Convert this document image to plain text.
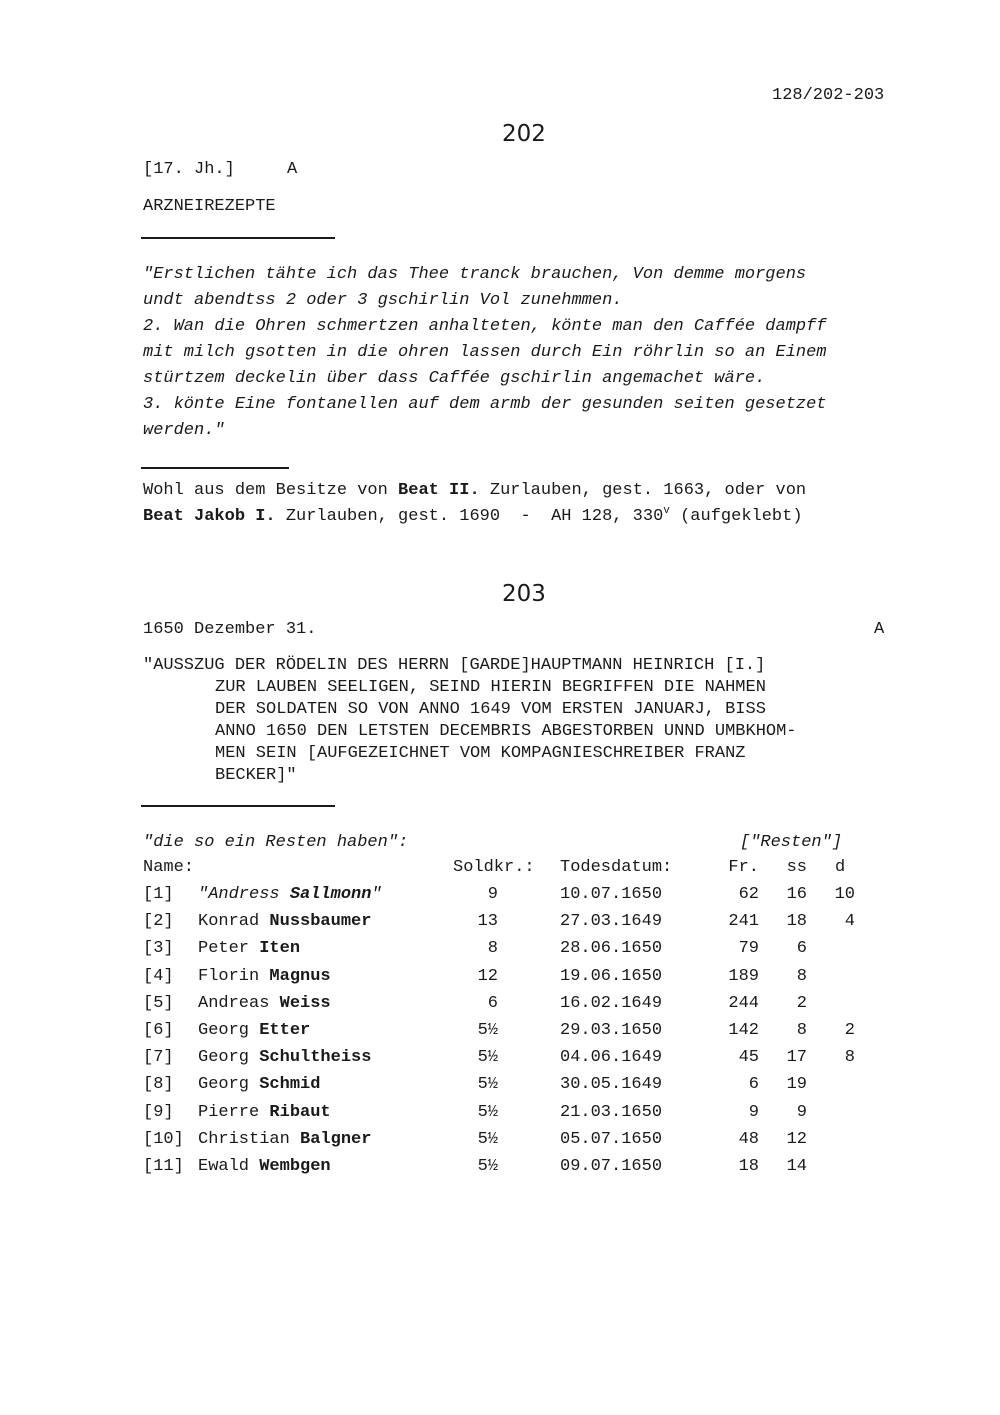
128/202-203
202
[17. Jh.]	A
ARZNEIREZEPTE
"Erstlichen tähte ich das Thee tranck brauchen, Von demme morgens
undt abendtss 2 oder 3 gschirlin Vol zunehmmen.
2. Wan die Ohren schmertzen anhalteten, könte man den Caffée dampff
mit milch gsotten in die ohren lassen durch Ein röhrlin so an Einem
stürtzem deckelin über dass Caffée gschirlin angemachet wäre.
3. könte Eine fontanellen auf dem armb der gesunden seiten gesetzet
werden."
Wohl aus dem Besitze von Beat II. Zurlauben, gest. 1663, oder von
Beat Jakob I. Zurlauben, gest. 1690  -  AH 128, 330$^v$ (aufgeklebt)
203
1650 Dezember 31.	A
"AUSSZUG DER RÖDELIN DES HERRN [GARDE]HAUPTMANN HEINRICH [I.]
ZUR LAUBEN SEELIGEN, SEIND HIERIN BEGRIFFEN DIE NAHMEN
DER SOLDATEN SO VON ANNO 1649 VOM ERSTEN JANUARJ, BISS
ANNO 1650 DEN LETSTEN DECEMBRIS ABGESTORBEN UNND UMBKHOM-
MEN SEIN [AUFGEZEICHNET VOM KOMPAGNIESCHREIBER FRANZ
BECKER]"
"die so ein Resten haben":	["Resten"]
Name:	Soldkr.: Todesdatum:	Fr.	ss d
[1] "Andress Sallmonn"	9	10.07.1650	62	16	10
[2] Konrad Nussbaumer	13	27.03.1649	241	18	4
[3] Peter Iten	8	28.06.1650	79	6
[4] Florin Magnus	12	19.06.1650	189	8
[5] Andreas Weiss	6	16.02.1649	244	2
[6] Georg Etter	5½	29.03.1650	142	8	2
[7] Georg Schultheiss	5½	04.06.1649	45	17	8
[8] Georg Schmid	5½	30.05.1649	6	19
[9] Pierre Ribaut	5½	21.03.1650	9	9
[10] Christian Balgner	5½	05.07.1650	48	12
[11] Ewald Wembgen	5½	09.07.1650	18	14
